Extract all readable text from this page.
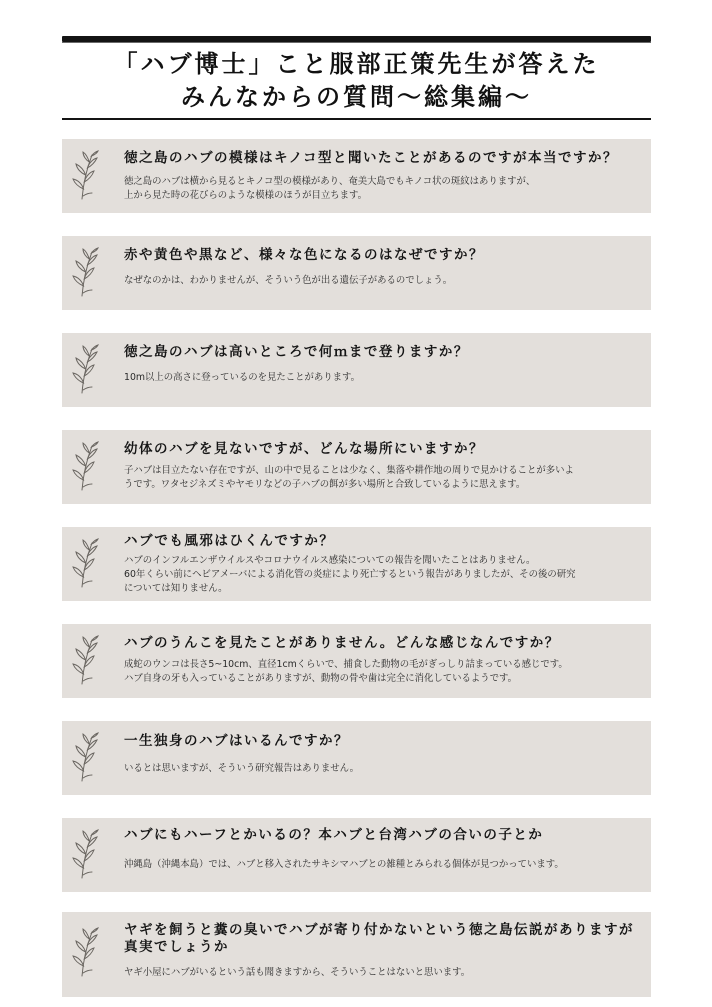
「ハブ博士」こと服部正策先生が答えた
みんなからの質問～総集編～
徳之島のハブの模様はキノコ型と聞いたことがあるのですが本当ですか？
徳之島のハブは横から見るとキノコ型の模様があり、奄美大島でもキノコ状の斑紋はありますが、
上から見た時の花びらのような模様のほうが目立ちます。
赤や黄色や黒など、様々な色になるのはなぜですか？
なぜなのかは、わかりませんが、そういう色が出る遺伝子があるのでしょう。
徳之島のハブは高いところで何ｍまで登りますか？
10m以上の高さに登っているのを見たことがあります。
幼体のハブを見ないですが、どんな場所にいますか？
子ハブは目立たない存在ですが、山の中で見ることは少なく、集落や耕作地の周りで見かけることが多いよ
うです。ワタセジネズミやヤモリなどの子ハブの餌が多い場所と合致しているように思えます。
ハブでも風邪はひくんですか？
ハブのインフルエンザウイルスやコロナウイルス感染についての報告を聞いたことはありません。
60年くらい前にヘビアメーバによる消化管の炎症により死亡するという報告がありましたが、その後の研究
については知りません。
ハブのうんこを見たことがありません。どんな感じなんですか？
成蛇のウンコは長さ5~10cm、直径1cmくらいで、捕食した動物の毛がぎっしり詰まっている感じです。
ハブ自身の牙も入っていることがありますが、動物の骨や歯は完全に消化しているようです。
一生独身のハブはいるんですか？
いるとは思いますが、そういう研究報告はありません。
ハブにもハーフとかいるの？本ハブと台湾ハブの合いの子とか
沖縄島（沖縄本島）では、ハブと移入されたサキシマハブとの雑種とみられる個体が見つかっています。
ヤギを飼うと糞の臭いでハブが寄り付かないという徳之島伝説がありますが真実でしょうか
ヤギ小屋にハブがいるという話も聞きますから、そういうことはないと思います。
